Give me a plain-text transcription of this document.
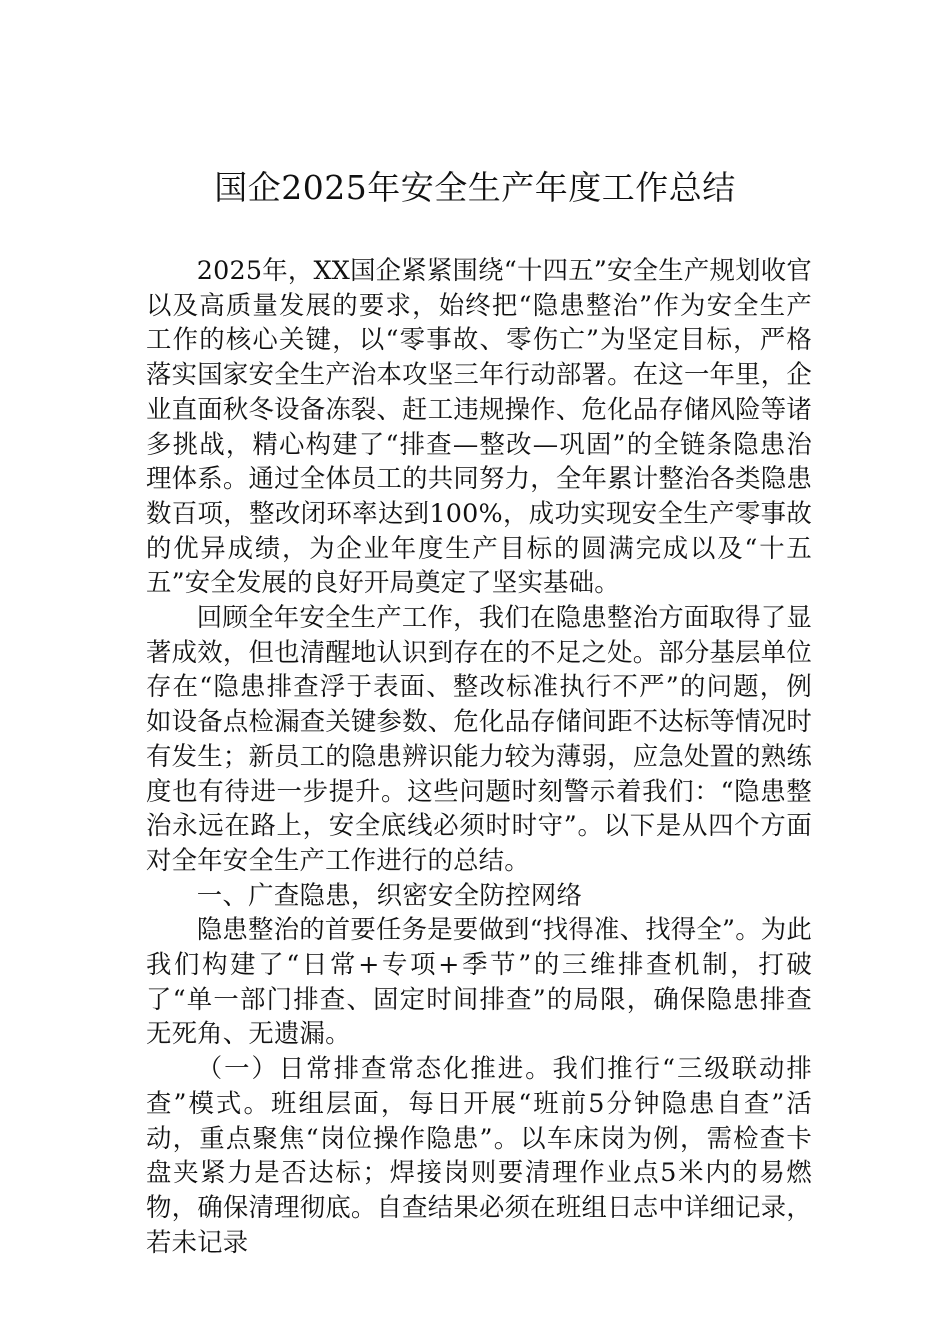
国企2025年安全生产年度工作总结

2025年，XX国企紧紧围绕“十四五”安全生产规划收官以及高质量发展的要求，始终把“隐患整治”作为安全生产工作的核心关键，以“零事故、零伤亡”为坚定目标，严格落实国家安全生产治本攻坚三年行动部署。在这一年里，企业直面秋冬设备冻裂、赶工违规操作、危化品存储风险等诸多挑战，精心构建了“排查—整改—巩固”的全链条隐患治理体系。通过全体员工的共同努力，全年累计整治各类隐患数百项，整改闭环率达到100%，成功实现安全生产零事故的优异成绩，为企业年度生产目标的圆满完成以及“十五五”安全发展的良好开局奠定了坚实基础。

回顾全年安全生产工作，我们在隐患整治方面取得了显著成效，但也清醒地认识到存在的不足之处。部分基层单位存在“隐患排查浮于表面、整改标准执行不严”的问题，例如设备点检漏查关键参数、危化品存储间距不达标等情况时有发生；新员工的隐患辨识能力较为薄弱，应急处置的熟练度也有待进一步提升。这些问题时刻警示着我们：“隐患整治永远在路上，安全底线必须时时守”。以下是从四个方面对全年安全生产工作进行的总结。

一、广查隐患，织密安全防控网络

隐患整治的首要任务是要做到“找得准、找得全”。为此我们构建了“日常+专项+季节”的三维排查机制，打破了“单一部门排查、固定时间排查”的局限，确保隐患排查无死角、无遗漏。

（一）日常排查常态化推进。我们推行“三级联动排查”模式。班组层面，每日开展“班前5分钟隐患自查”活动，重点聚焦“岗位操作隐患”。以车床岗为例，需检查卡盘夹紧力是否达标；焊接岗则要清理作业点5米内的易燃物，确保清理彻底。自查结果必须在班组日志中详细记录，若未记录
